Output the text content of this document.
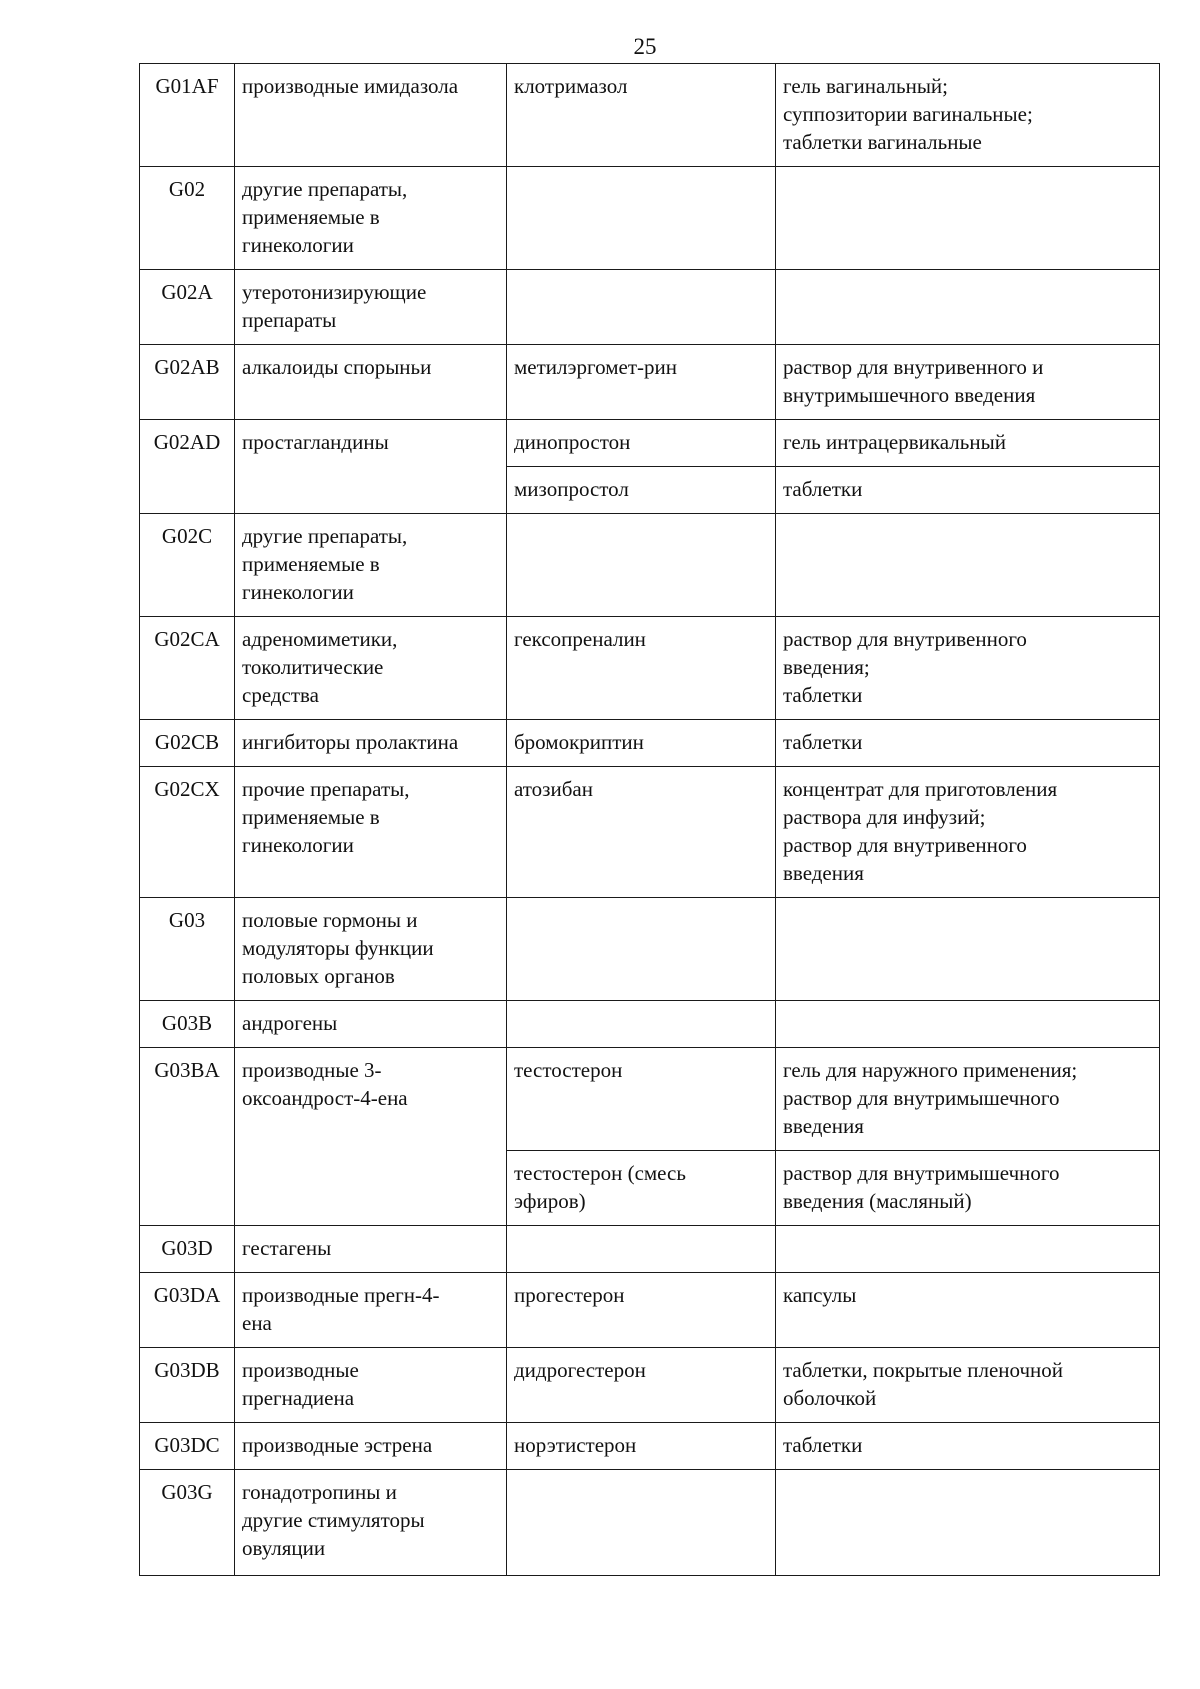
25
G01AF	производные имидазола	клотримазол	гель вагинальный;
суппозитории вагинальные;
таблетки вагинальные

G02	другие препараты,
применяемые в
гинекологии		

G02A	утеротонизирующие
препараты		

G02AB	алкалоиды спорыньи	метилэргомет-рин	раствор для внутривенного и
внутримышечного введения

G02AD	простагландины	динопростон	гель интрацервикальный

		мизопростол	таблетки

G02C	другие препараты,
применяемые в
гинекологии		

G02CA	адреномиметики,
токолитические
средства	гексопреналин	раствор для внутривенного
введения;
таблетки

G02CB	ингибиторы пролактина	бромокриптин	таблетки

G02CX	прочие препараты,
применяемые в
гинекологии	атозибан	концентрат для приготовления
раствора для инфузий;
раствор для внутривенного
введения

G03	половые гормоны и
модуляторы функции
половых органов		

G03B	андрогены		

G03BA	производные 3-
оксоандрост-4-ена	тестостерон	гель для наружного применения;
раствор для внутримышечного
введения

		тестостерон (смесь
эфиров)	раствор для внутримышечного
введения (масляный)

G03D	гестагены		

G03DA	производные прегн-4-
ена	прогестерон	капсулы

G03DB	производные
прегнадиена	дидрогестерон	таблетки, покрытые пленочной
оболочкой

G03DC	производные эстрена	норэтистерон	таблетки

G03G	гонадотропины и
другие стимуляторы
овуляции		
